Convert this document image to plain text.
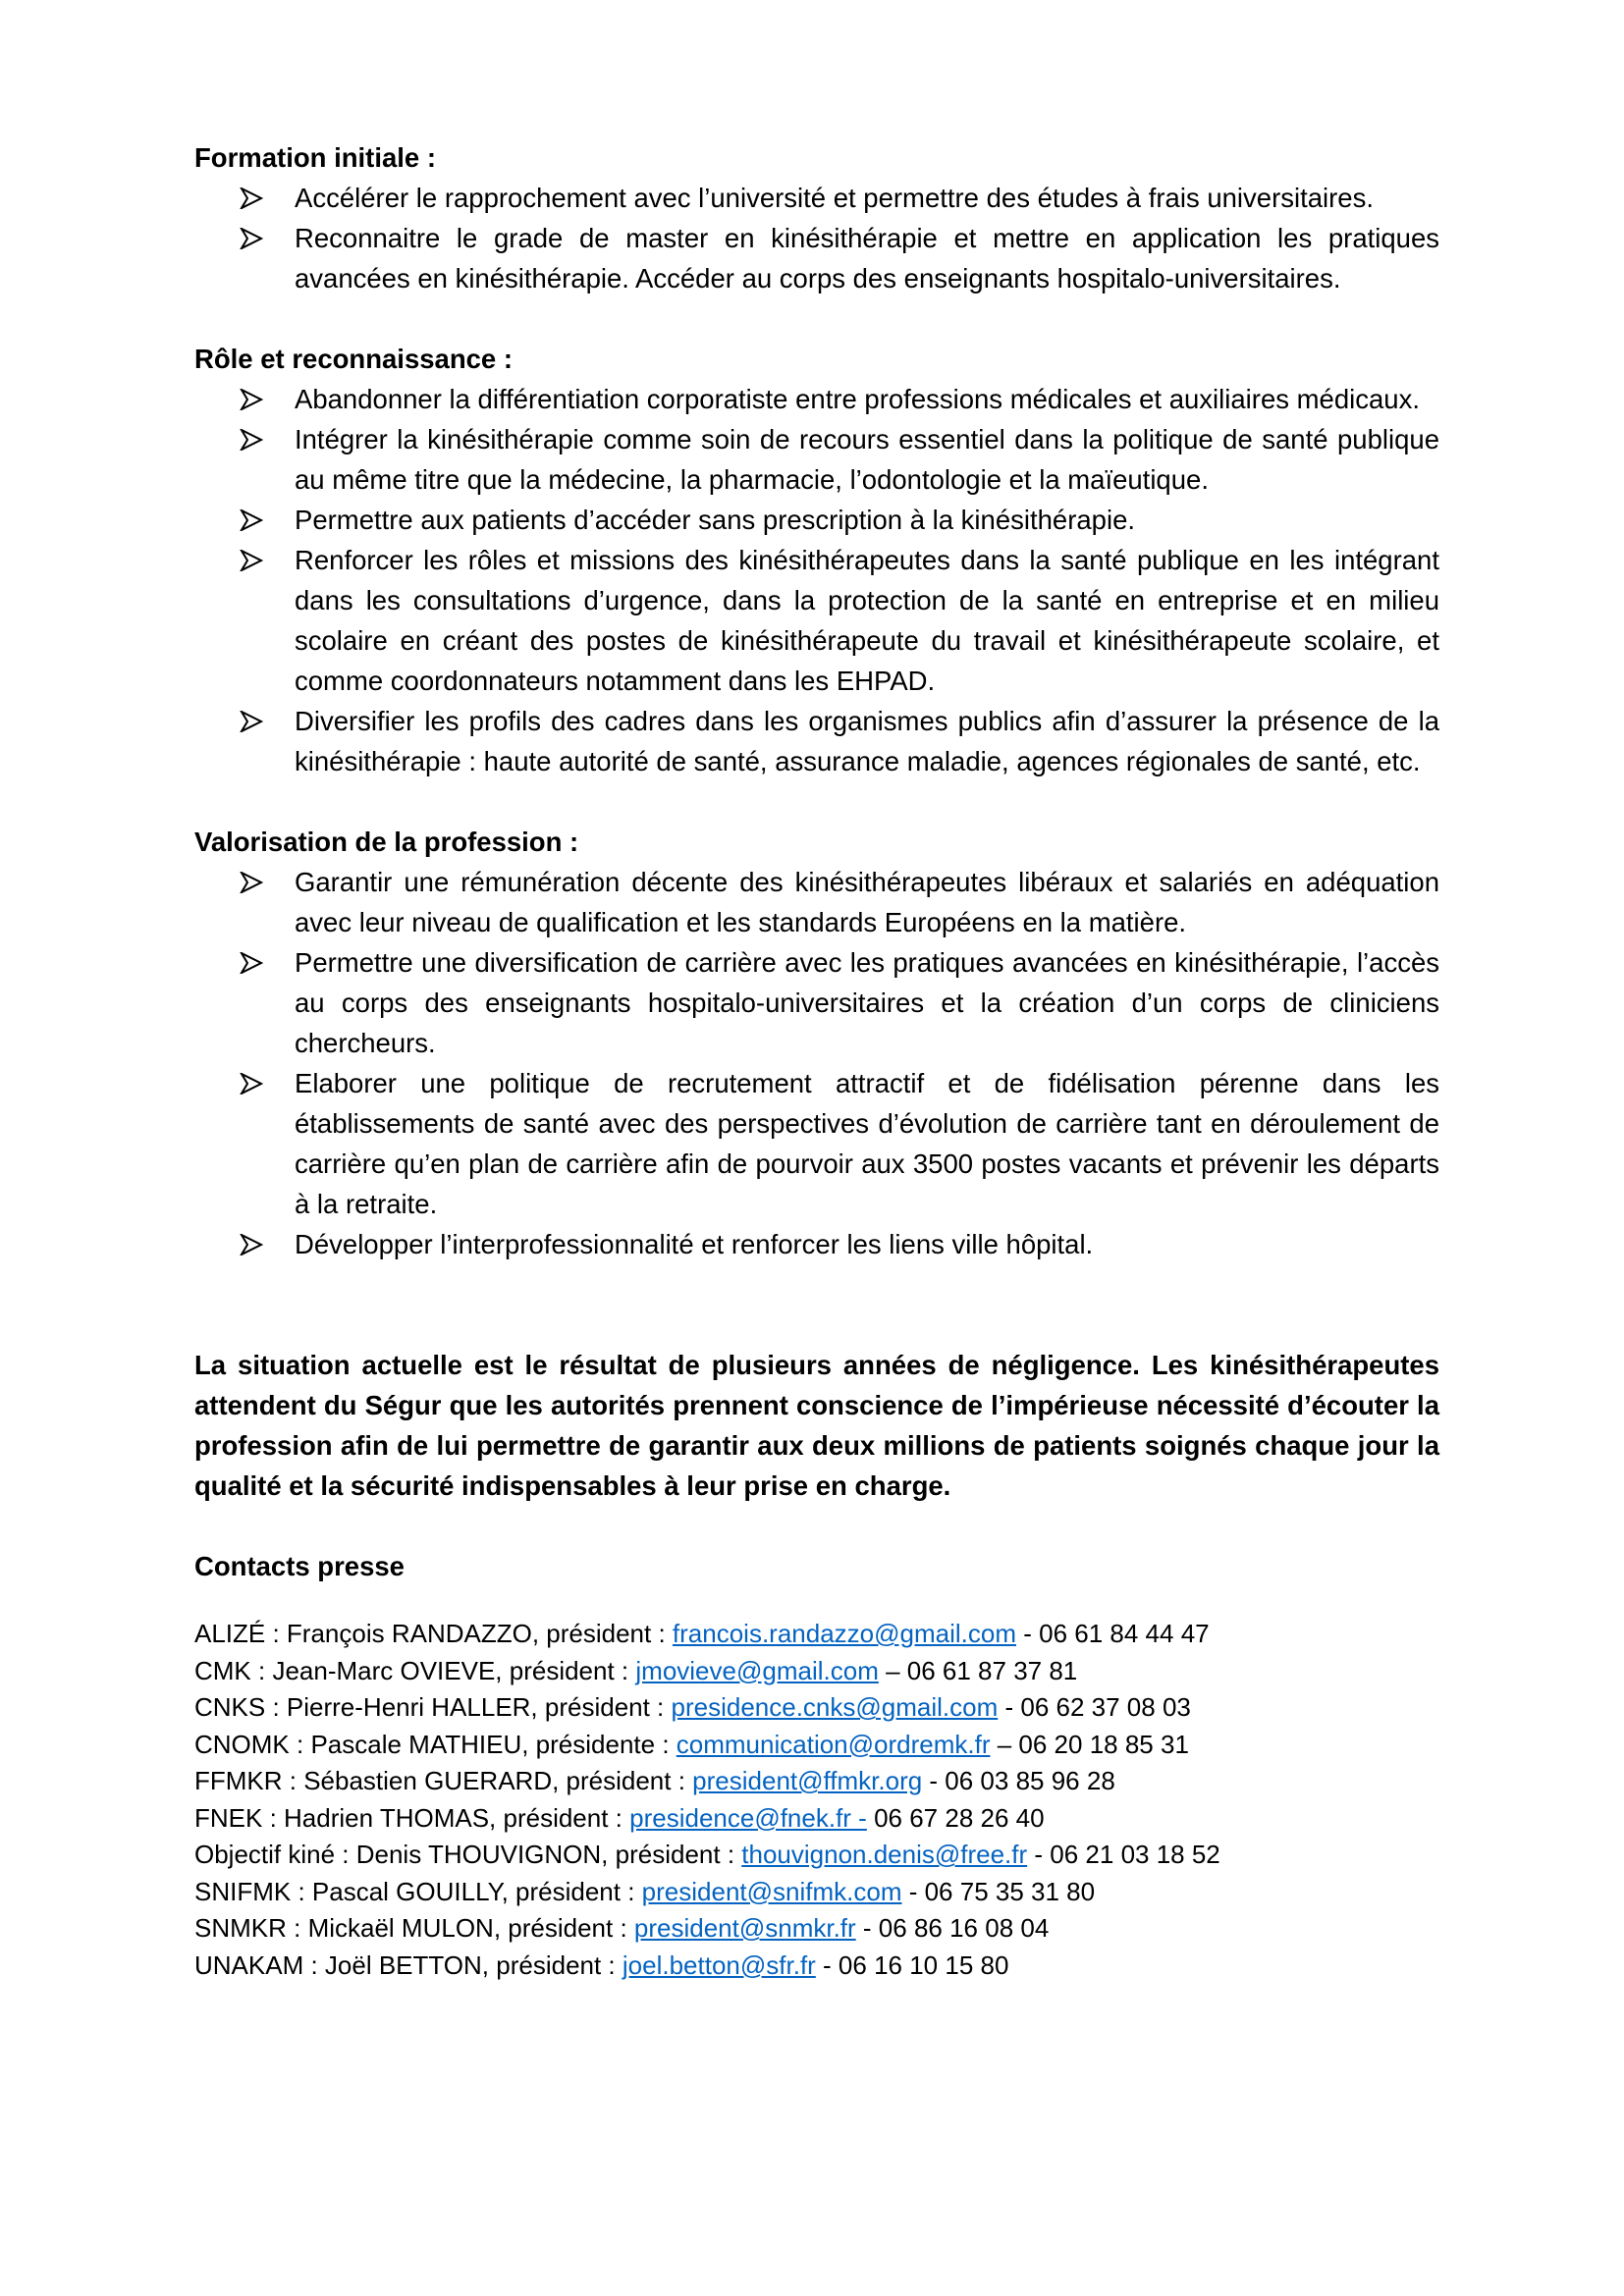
Formation initiale :

Accélérer le rapprochement avec l’université et permettre des études à frais universitaires.
Reconnaitre le grade de master en kinésithérapie et mettre en application les pratiques avancées en kinésithérapie. Accéder au corps des enseignants hospitalo-universitaires.

Rôle et reconnaissance :

Abandonner la différentiation corporatiste entre professions médicales et auxiliaires médicaux.
Intégrer la kinésithérapie comme soin de recours essentiel dans la politique de santé publique au même titre que la médecine, la pharmacie, l’odontologie et la maïeutique.
Permettre aux patients d’accéder sans prescription à la kinésithérapie.
Renforcer les rôles et missions des kinésithérapeutes dans la santé publique en les intégrant dans les consultations d’urgence, dans la protection de la santé en entreprise et en milieu scolaire en créant des postes de kinésithérapeute du travail et kinésithérapeute scolaire, et comme coordonnateurs notamment dans les EHPAD.
Diversifier les profils des cadres dans les organismes publics afin d’assurer la présence de la kinésithérapie : haute autorité de santé, assurance maladie, agences régionales de santé, etc.

Valorisation de la profession :

Garantir une rémunération décente des kinésithérapeutes libéraux et salariés en adéquation avec leur niveau de qualification et les standards Européens en la matière.
Permettre une diversification de carrière avec les pratiques avancées en kinésithérapie, l’accès au corps des enseignants hospitalo-universitaires et la création d’un corps de cliniciens chercheurs.
Elaborer une politique de recrutement attractif et de fidélisation pérenne dans les établissements de santé avec des perspectives d’évolution de carrière tant en déroulement de carrière qu’en plan de carrière afin de pourvoir aux 3500 postes vacants et prévenir les départs à la retraite.
Développer l’interprofessionnalité et renforcer les liens ville hôpital.

La situation actuelle est le résultat de plusieurs années de négligence. Les kinésithérapeutes attendent du Ségur que les autorités prennent conscience de l’impérieuse nécessité d’écouter la profession afin de lui permettre de garantir aux deux millions de patients soignés chaque jour la qualité et la sécurité indispensables à leur prise en charge.

Contacts presse

ALIZÉ : François RANDAZZO, président : francois.randazzo@gmail.com - 06 61 84 44 47
CMK : Jean-Marc OVIEVE, président : jmovieve@gmail.com – 06 61 87 37 81
CNKS : Pierre-Henri HALLER, président : presidence.cnks@gmail.com - 06 62 37 08 03
CNOMK : Pascale MATHIEU, présidente : communication@ordremk.fr – 06 20 18 85 31
FFMKR : Sébastien GUERARD, président : president@ffmkr.org - 06 03 85 96 28
FNEK : Hadrien THOMAS, président : presidence@fnek.fr - 06 67 28 26 40
Objectif kiné : Denis THOUVIGNON, président : thouvignon.denis@free.fr - 06 21 03 18 52
SNIFMK : Pascal GOUILLY, président : president@snifmk.com - 06 75 35 31 80
SNMKR : Mickaël MULON, président : president@snmkr.fr - 06 86 16 08 04
UNAKAM : Joël BETTON, président : joel.betton@sfr.fr - 06 16 10 15 80
